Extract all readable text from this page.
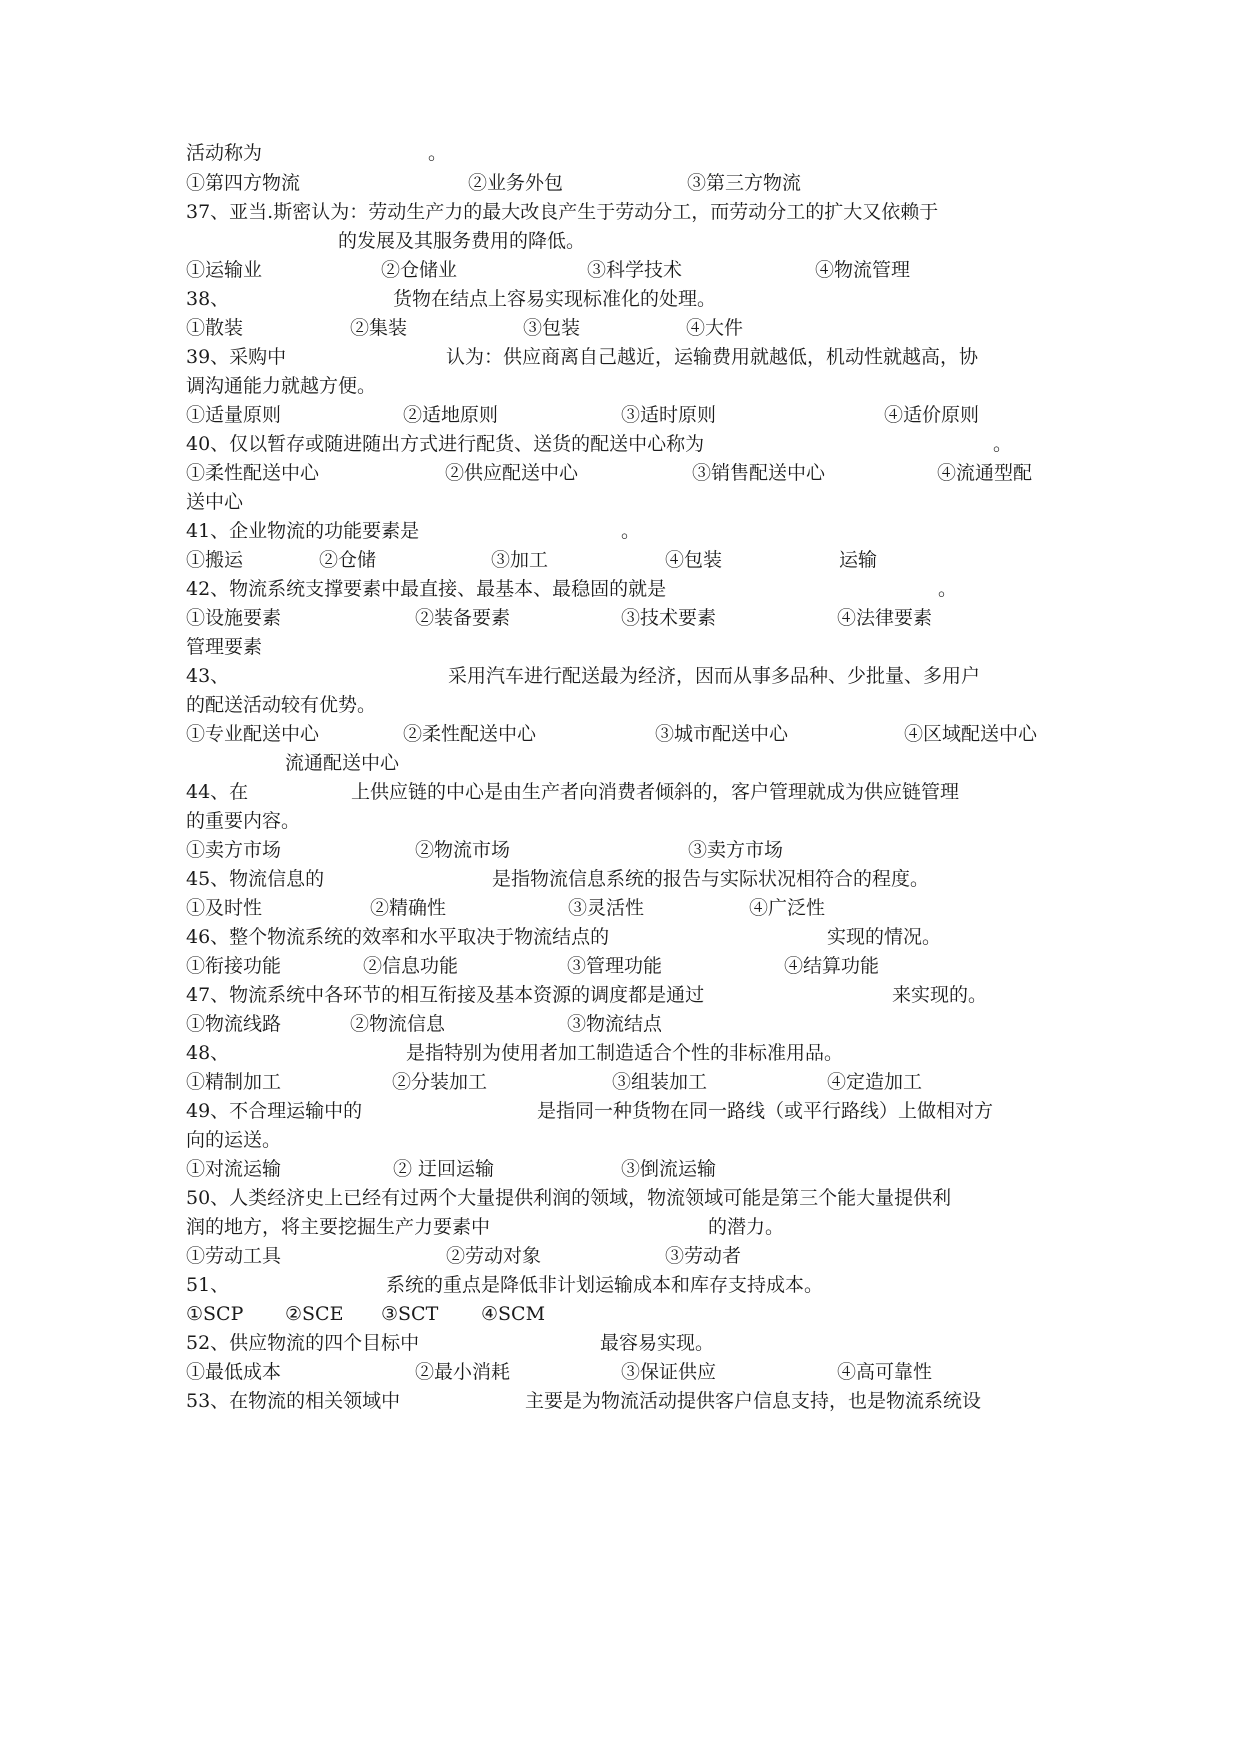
活动称为	。
①第四方物流	②业务外包	③第三方物流
37、亚当.斯密认为：劳动生产力的最大改良产生于劳动分工，而劳动分工的扩大又依赖于
的发展及其服务费用的降低。
①运输业	②仓储业	③科学技术	④物流管理
38、	货物在结点上容易实现标准化的处理。
①散装	②集装	③包装	④大件
39、采购中	认为：供应商离自己越近，运输费用就越低，机动性就越高，协
调沟通能力就越方便。
①适量原则	②适地原则	③适时原则	④适价原则
40、仅以暂存或随进随出方式进行配货、送货的配送中心称为	。
①柔性配送中心	②供应配送中心	③销售配送中心	④流通型配
送中心
41、企业物流的功能要素是	。
①搬运	②仓储	③加工	④包装	运输
42、物流系统支撑要素中最直接、最基本、最稳固的就是	。
①设施要素	②装备要素	③技术要素	④法律要素
管理要素
43、	采用汽车进行配送最为经济，因而从事多品种、少批量、多用户
的配送活动较有优势。
①专业配送中心	②柔性配送中心	③城市配送中心	④区域配送中心
流通配送中心
44、在	上供应链的中心是由生产者向消费者倾斜的，客户管理就成为供应链管理
的重要内容。
①卖方市场	②物流市场	③卖方市场
45、物流信息的	是指物流信息系统的报告与实际状况相符合的程度。
①及时性	②精确性	③灵活性	④广泛性
46、整个物流系统的效率和水平取决于物流结点的	实现的情况。
①衔接功能	②信息功能	③管理功能	④结算功能
47、物流系统中各环节的相互衔接及基本资源的调度都是通过	来实现的。
①物流线路	②物流信息	③物流结点
48、	是指特别为使用者加工制造适合个性的非标准用品。
①精制加工	②分装加工	③组装加工	④定造加工
49、不合理运输中的	是指同一种货物在同一路线（或平行路线）上做相对方
向的运送。
①对流运输	② 迂回运输	③倒流运输
50、人类经济史上已经有过两个大量提供利润的领域，物流领域可能是第三个能大量提供利
润的地方，将主要挖掘生产力要素中	的潜力。
①劳动工具	②劳动对象	③劳动者
51、	系统的重点是降低非计划运输成本和库存支持成本。
①SCP ②SCE ③SCT ④SCM
52、供应物流的四个目标中	最容易实现。
①最低成本	②最小消耗	③保证供应	④高可靠性
53、在物流的相关领域中	主要是为物流活动提供客户信息支持，也是物流系统设
